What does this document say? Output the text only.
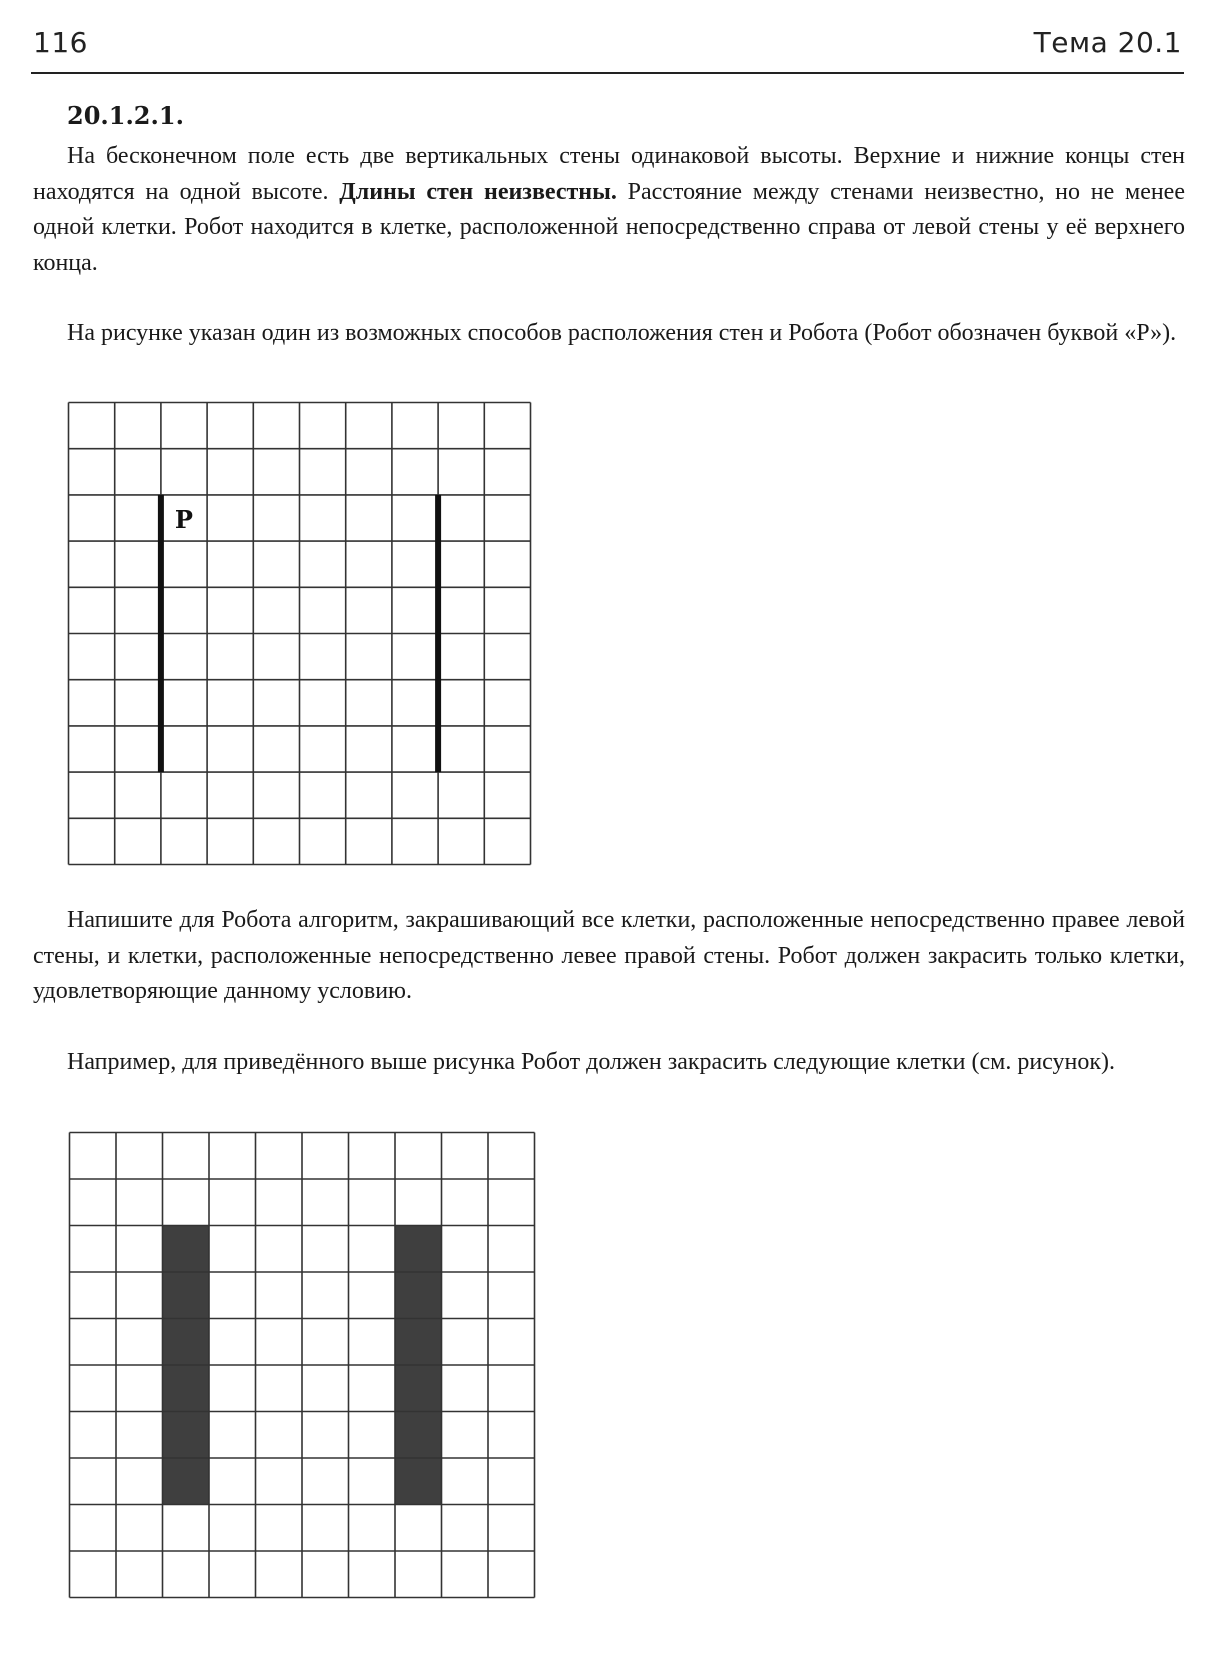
116	Тема 20.1
20.1.2.1.

На бесконечном поле есть две вертикальных стены одинаковой высоты. Верхние и нижние концы стен находятся на одной высоте. Длины стен неизвестны. Расстояние между стенами неизвестно, но не менее одной клетки. Робот находится в клетке, расположенной непосредственно справа от левой стены у её верхнего конца.

На рисунке указан один из возможных способов расположения стен и Робота (Робот обозначен буквой «Р»).

Р

Напишите для Робота алгоритм, закрашивающий все клетки, расположенные непосредственно правее левой стены, и клетки, расположенные непосредственно левее правой стены. Робот должен закрасить только клетки, удовлетворяющие данному условию.

Например, для приведённого выше рисунка Робот должен закрасить следующие клетки (см. рисунок).
